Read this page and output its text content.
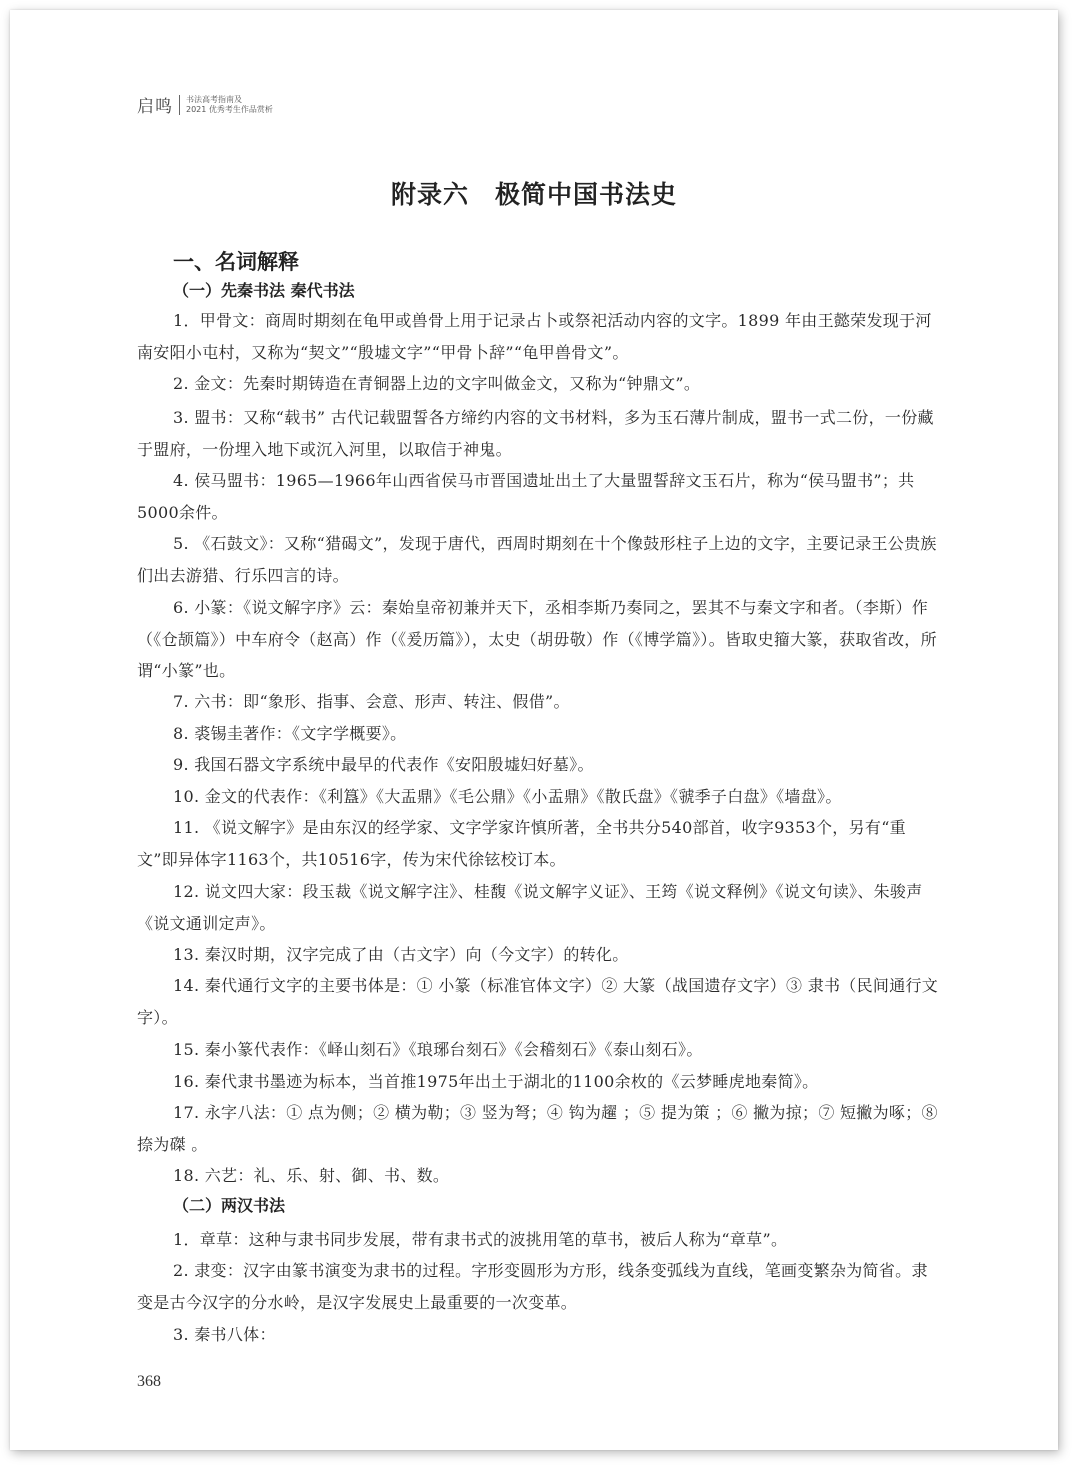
启鸣 书法高考指南及
2021 优秀考生作品赏析
附录六　极简中国书法史
一、名词解释
（一）先秦书法 秦代书法
1．甲骨文：商周时期刻在龟甲或兽骨上用于记录占卜或祭祀活动内容的文字。1899 年由王懿荣发现于河南安阳小屯村，又称为“契文”“殷墟文字”“甲骨卜辞”“龟甲兽骨文”。
2. 金文：先秦时期铸造在青铜器上边的文字叫做金文，又称为“钟鼎文”。
3. 盟书：又称“载书” 古代记载盟誓各方缔约内容的文书材料，多为玉石薄片制成，盟书一式二份，一份藏于盟府，一份埋入地下或沉入河里，以取信于神鬼。
4. 侯马盟书：1965—1966年山西省侯马市晋国遗址出土了大量盟誓辞文玉石片，称为“侯马盟书”；共5000余件。
5. 《石鼓文》：又称“猎碣文”，发现于唐代，西周时期刻在十个像鼓形柱子上边的文字，主要记录王公贵族们出去游猎、行乐四言的诗。
6. 小篆：《说文解字序》云：秦始皇帝初兼并天下，丞相李斯乃奏同之，罢其不与秦文字和者。（李斯）作（《仓颉篇》）中车府令（赵高）作（《爰历篇》），太史（胡毋敬）作（《博学篇》）。皆取史籀大篆，获取省改，所谓“小篆”也。
7. 六书：即“象形、指事、会意、形声、转注、假借”。
8. 裘锡圭著作：《文字学概要》。
9. 我国石器文字系统中最早的代表作《安阳殷墟妇好墓》。
10. 金文的代表作：《利簋》《大盂鼎》《毛公鼎》《小盂鼎》《散氏盘》《虢季子白盘》《墙盘》。
11. 《说文解字》是由东汉的经学家、文字学家许慎所著，全书共分540部首，收字9353个，另有“重文”即异体字1163个，共10516字，传为宋代徐铉校订本。
12. 说文四大家：段玉裁《说文解字注》、桂馥《说文解字义证》、王筠《说文释例》《说文句读》、朱骏声《说文通训定声》。
13. 秦汉时期，汉字完成了由（古文字）向（今文字）的转化。
14. 秦代通行文字的主要书体是：① 小篆（标准官体文字）② 大篆（战国遗存文字）③ 隶书（民间通行文字）。
15. 秦小篆代表作：《峄山刻石》《琅琊台刻石》《会稽刻石》《泰山刻石》。
16. 秦代隶书墨迹为标本，当首推1975年出土于湖北的1100余枚的《云梦睡虎地秦简》。
17. 永字八法：① 点为侧；② 横为勒；③ 竖为弩；④ 钩为趯 ；⑤ 提为策 ；⑥ 撇为掠；⑦ 短撇为啄；⑧ 捺为磔 。
18. 六艺：礼、乐、射、御、书、数。
（二）两汉书法
1．章草：这种与隶书同步发展，带有隶书式的波挑用笔的草书，被后人称为“章草”。
2. 隶变：汉字由篆书演变为隶书的过程。字形变圆形为方形，线条变弧线为直线，笔画变繁杂为简省。隶变是古今汉字的分水岭，是汉字发展史上最重要的一次变革。
3. 秦书八体：
368
